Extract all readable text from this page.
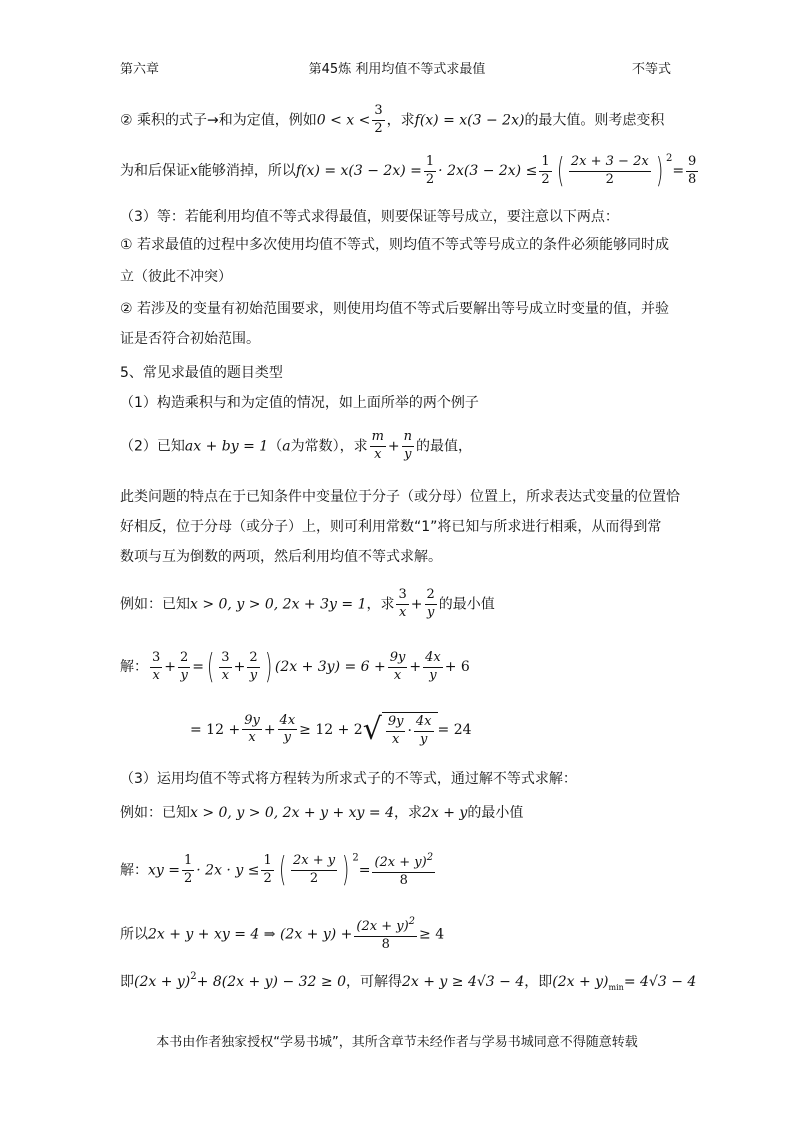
第六章	第45炼 利用均值不等式求最值	不等式
② 乘积的式子→和为定值，例如$0 < x < \frac{3}{2}$ ，求f(x) = x(3 − 2x)的最大值。则考虑变积
为和后保证x能够消掉，所以$f(x) = x(3 - 2x) = \frac{1}{2} \cdot 2x(3 - 2x) \le \frac{1}{2}$ ( $\frac{2x + 3 - 2x}{2}$ ) $^2= \frac{9}{8}$
（3）等：若能利用均值不等式求得最值，则要保证等号成立，要注意以下两点：
① 若求最值的过程中多次使用均值不等式，则均值不等式等号成立的条件必须能够同时成
立（彼此不冲突）
② 若涉及的变量有初始范围要求，则使用均值不等式后要解出等号成立时变量的值，并验
证是否符合初始范围。
5、常见求最值的题目类型
（1）构造乘积与和为定值的情况，如上面所举的两个例子
（2）已知ax + by = 1（a为常数），求 $\frac{m}{x} + \frac{n}{y}$ 的最值，
此类问题的特点在于已知条件中变量位于分子（或分母）位置上，所求表达式变量的位置恰
好相反，位于分母（或分子）上，则可利用常数“1”将已知与所求进行相乘，从而得到常
数项与互为倒数的两项，然后利用均值不等式求解。
例如：已知x > 0, y > 0, 2x + 3y = 1，求 $\frac{3}{x} + \frac{2}{y}$ 的最小值
解： $\frac{3}{x} + \frac{2}{y}$ =( $\frac{3}{x} + \frac{2}{y}$ ) $(2x + 3y) = 6 + \frac{9y}{x} + \frac{4x}{y} + 6$
= $12 + \frac{9y}{x} + \frac{4x}{y} \ge 12 + 2$ √ $\frac{9y}{x} \cdot \frac{4x}{y} = 24$
（3）运用均值不等式将方程转为所求式子的不等式，通过解不等式求解：
例如：已知x > 0, y > 0, 2x + y + xy = 4，求2x + y的最小值
解：xy = $\frac{1}{2} \cdot 2x \cdot y \le \frac{1}{2}$ ( $\frac{2x + y}{2}$ ) $^2= \frac{(2x + y)^2}{8}$
所以2x + y + xy = 4 ⇒ $(2x + y) + \frac{(2x + y)^2}{8} \ge 4$
即$(2x + y)^2+ 8(2x + y) - 32 \ge 0$，可解得2x + y ≥ 4√3 − 4，即$(2x + y)_{min}= 4√3 - 4$
本书由作者独家授权“学易书城”，其所含章节未经作者与学易书城同意不得随意转载
